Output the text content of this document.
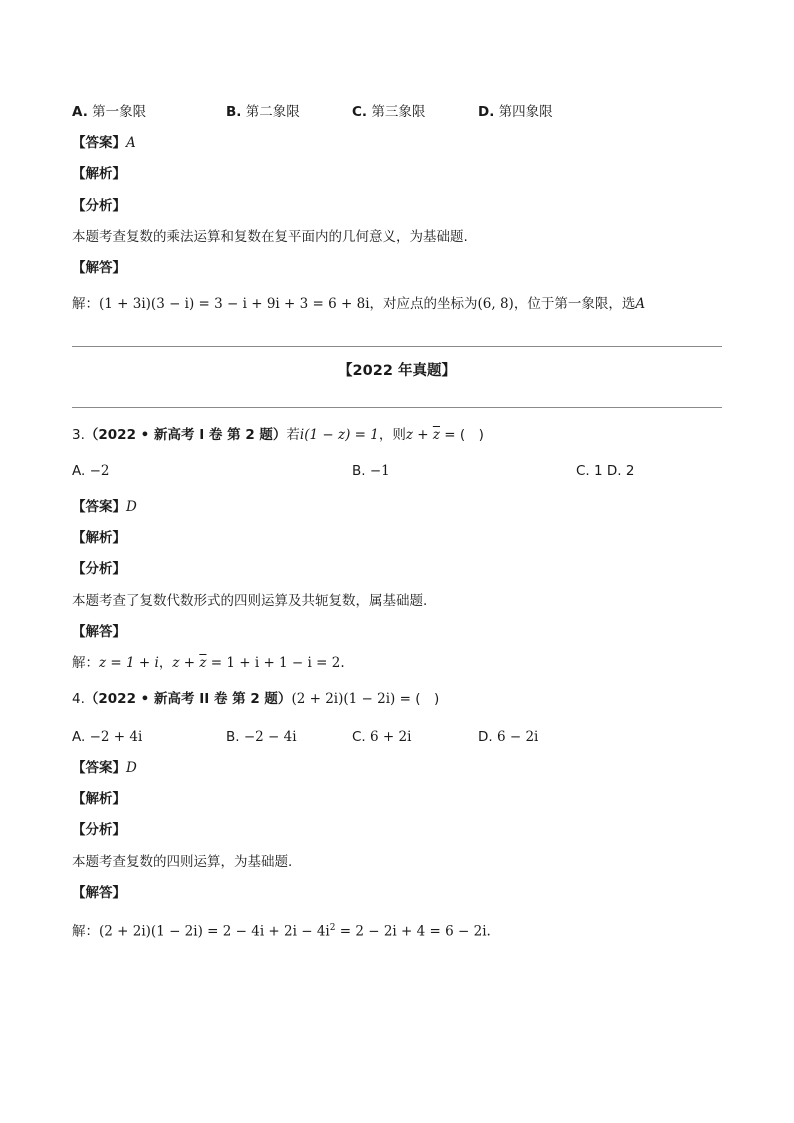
A. 第一象限	B. 第二象限	C. 第三象限	D. 第四象限
【答案】A
【解析】
【分析】
本题考查复数的乘法运算和复数在复平面内的几何意义，为基础题.
【解答】
解：(1 + 3i)(3 − i) = 3 − i + 9i + 3 = 6 + 8i，对应点的坐标为(6, 8)，位于第一象限，选A
【2022 年真题】
3.（2022 • 新高考 I 卷 第 2 题）若i(1 − z) = 1，则$z + \overline{z}$ = (　)
A. −2	B. −1	C. 1 D. 2
【答案】D
【解析】
【分析】
本题考查了复数代数形式的四则运算及共轭复数，属基础题.
【解答】
解：z = 1 + i，$z + \overline{z} = 1 + i + 1 - i = 2$.
4.（2022 • 新高考 II 卷 第 2 题）(2 + 2i)(1 − 2i) = (　)
A. −2 + 4i	B. −2 − 4i	C. 6 + 2i	D. 6 − 2i
【答案】D
【解析】
【分析】
本题考查复数的四则运算，为基础题.
【解答】
解：$(2 + 2i)(1 - 2i) = 2 - 4i + 2i - 4i^2 = 2 - 2i + 4 = 6 - 2i$.
